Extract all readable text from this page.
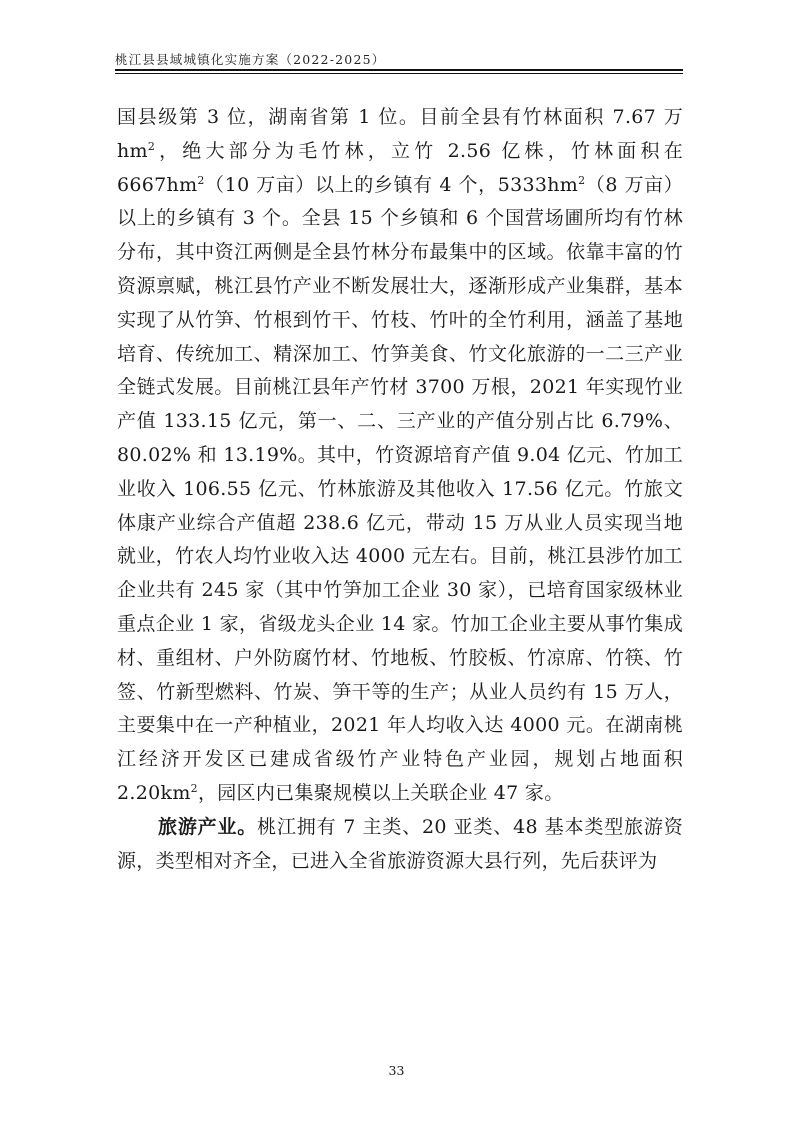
桃江县县域城镇化实施方案（2022-2025）

国县级第 3 位，湖南省第 1 位。目前全县有竹林面积 7.67 万 $hm^2$，绝大部分为毛竹林，立竹 2.56 亿株，竹林面积在 $6667hm^2(10$ 万亩）以上的乡镇有 4 个，$5333hm^2(8$ 万亩）以上的乡镇有 3 个。全县 15 个乡镇和 6 个国营场圃所均有竹林分布，其中资江两侧是全县竹林分布最集中的区域。依靠丰富的竹资源禀赋，桃江县竹产业不断发展壮大，逐渐形成产业集群，基本实现了从竹笋、竹根到竹干、竹枝、竹叶的全竹利用，涵盖了基地培育、传统加工、精深加工、竹笋美食、竹文化旅游的一二三产业全链式发展。目前桃江县年产竹材 3700 万根，2021 年实现竹业产值 133.15 亿元，第一、二、三产业的产值分别占比 6.79%、80.02% 和 13.19%。其中，竹资源培育产值 9.04 亿元、竹加工业收入 106.55 亿元、竹林旅游及其他收入 17.56 亿元。竹旅文体康产业综合产值超 238.6 亿元，带动 15 万从业人员实现当地就业，竹农人均竹业收入达 4000 元左右。目前，桃江县涉竹加工企业共有 245 家（其中竹笋加工企业 30 家），已培育国家级林业重点企业 1 家，省级龙头企业 14 家。竹加工企业主要从事竹集成材、重组材、户外防腐竹材、竹地板、竹胶板、竹凉席、竹筷、竹签、竹新型燃料、竹炭、笋干等的生产；从业人员约有 15 万人，主要集中在一产种植业，2021 年人均收入达 4000 元。在湖南桃江经济开发区已建成省级竹产业特色产业园，规划占地面积 $2.20km^2$，园区内已集聚规模以上关联企业 47 家。

旅游产业。桃江拥有 7 主类、20 亚类、48 基本类型旅游资源，类型相对齐全，已进入全省旅游资源大县行列，先后获评为

33
